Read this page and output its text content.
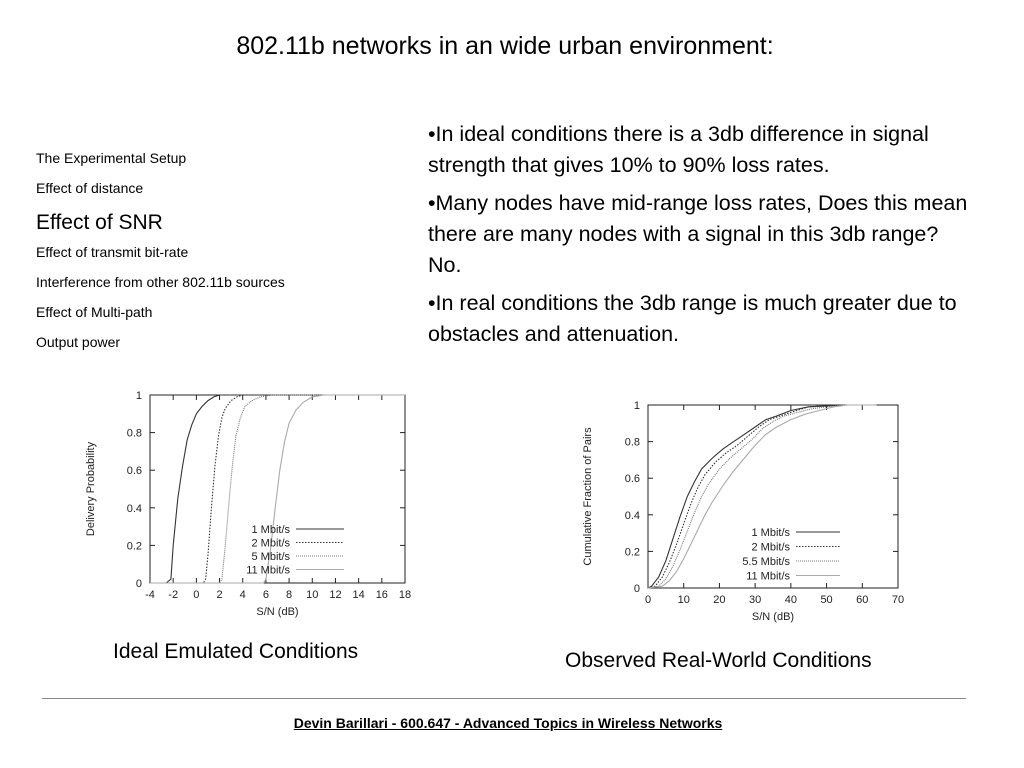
802.11b networks in an wide urban environment:
The Experimental Setup
Effect of distance
Effect of SNR
Effect of transmit bit-rate
Interference from other 802.11b sources
Effect of Multi-path
Output power
•In ideal conditions there is a 3db difference in signal strength that gives 10% to 90% loss rates.
•Many nodes have mid-range loss rates, Does this mean there are many nodes with a signal in this 3db range? No.
•In real conditions the 3db range is much greater due to obstacles and attenuation.
-4 -2 0 2 4 6 8 10 12 14 16 18
0
0.2
0.4
0.6
0.8
1
S/N (dB)
Delivery Probability	1 Mbit/s
2 Mbit/s
5 Mbit/s
11 Mbit/s
0 10 20 30 40 50 60 70
0
0.2
0.4
0.6
0.8
1
S/N (dB)
Cumulative Fraction of Pairs	1 Mbit/s
2 Mbit/s
5.5 Mbit/s
11 Mbit/s
Ideal Emulated Conditions	Observed Real-World Conditions
Devin Barillari - 600.647 - Advanced Topics in Wireless Networks
